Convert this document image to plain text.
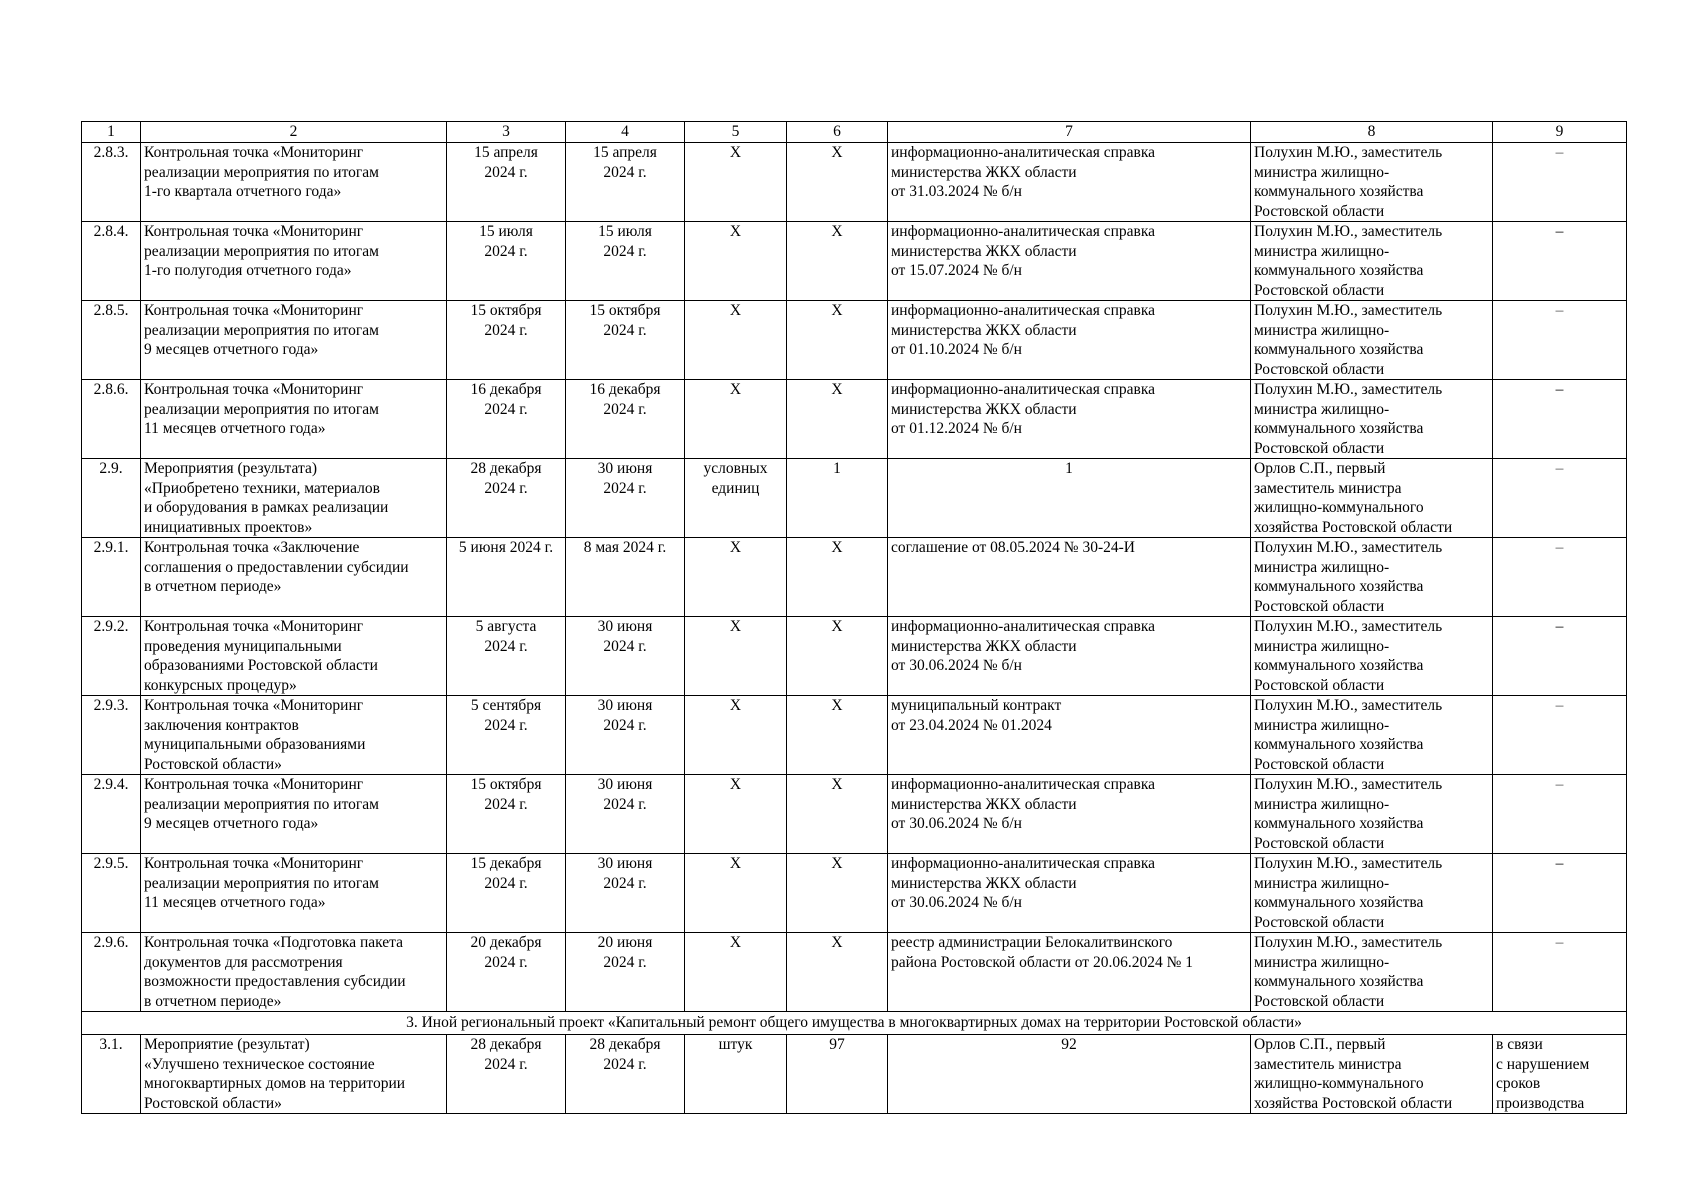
1	2	3	4	5	6	7	8	9
2.8.3.	Контрольная точка «Мониторинг
реализации мероприятия по итогам
1-го квартала отчетного года»	15 апреля
2024 г.	15 апреля
2024 г.	X	X	информационно-аналитическая справка
министерства ЖКХ области
от 31.03.2024 № б/н	Полухин М.Ю., заместитель
министра жилищно-
коммунального хозяйства
Ростовской области	–

2.8.4.	Контрольная точка «Мониторинг
реализации мероприятия по итогам
1-го полугодия отчетного года»	15 июля
2024 г.	15 июля
2024 г.	X	X	информационно-аналитическая справка
министерства ЖКХ области
от 15.07.2024 № б/н	Полухин М.Ю., заместитель
министра жилищно-
коммунального хозяйства
Ростовской области	–

2.8.5.	Контрольная точка «Мониторинг
реализации мероприятия по итогам
9 месяцев отчетного года»	15 октября
2024 г.	15 октября
2024 г.	X	X	информационно-аналитическая справка
министерства ЖКХ области
от 01.10.2024 № б/н	Полухин М.Ю., заместитель
министра жилищно-
коммунального хозяйства
Ростовской области	–

2.8.6.	Контрольная точка «Мониторинг
реализации мероприятия по итогам
11 месяцев отчетного года»	16 декабря
2024 г.	16 декабря
2024 г.	X	X	информационно-аналитическая справка
министерства ЖКХ области
от 01.12.2024 № б/н	Полухин М.Ю., заместитель
министра жилищно-
коммунального хозяйства
Ростовской области	–

2.9.	Мероприятия (результата)
«Приобретено техники, материалов
и оборудования в рамках реализации
инициативных проектов»	28 декабря
2024 г.	30 июня
2024 г.	условных
единиц	1	1	Орлов С.П., первый
заместитель министра
жилищно-коммунального
хозяйства Ростовской области	–

2.9.1.	Контрольная точка «Заключение
соглашения о предоставлении субсидии
в отчетном периоде»	5 июня 2024 г.	8 мая 2024 г.	X	X	соглашение от 08.05.2024 № 30-24-И	Полухин М.Ю., заместитель
министра жилищно-
коммунального хозяйства
Ростовской области	–

2.9.2.	Контрольная точка «Мониторинг
проведения муниципальными
образованиями Ростовской области
конкурсных процедур»	5 августа
2024 г.	30 июня
2024 г.	X	X	информационно-аналитическая справка
министерства ЖКХ области
от 30.06.2024 № б/н	Полухин М.Ю., заместитель
министра жилищно-
коммунального хозяйства
Ростовской области	–

2.9.3.	Контрольная точка «Мониторинг
заключения контрактов
муниципальными образованиями
Ростовской области»	5 сентября
2024 г.	30 июня
2024 г.	X	X	муниципальный контракт
от 23.04.2024 № 01.2024	Полухин М.Ю., заместитель
министра жилищно-
коммунального хозяйства
Ростовской области	–

2.9.4.	Контрольная точка «Мониторинг
реализации мероприятия по итогам
9 месяцев отчетного года»	15 октября
2024 г.	30 июня
2024 г.	X	X	информационно-аналитическая справка
министерства ЖКХ области
от 30.06.2024 № б/н	Полухин М.Ю., заместитель
министра жилищно-
коммунального хозяйства
Ростовской области	–

2.9.5.	Контрольная точка «Мониторинг
реализации мероприятия по итогам
11 месяцев отчетного года»	15 декабря
2024 г.	30 июня
2024 г.	X	X	информационно-аналитическая справка
министерства ЖКХ области
от 30.06.2024 № б/н	Полухин М.Ю., заместитель
министра жилищно-
коммунального хозяйства
Ростовской области	–

2.9.6.	Контрольная точка «Подготовка пакета
документов для рассмотрения
возможности предоставления субсидии
в отчетном периоде»	20 декабря
2024 г.	20 июня
2024 г.	X	X	реестр администрации Белокалитвинского
района Ростовской области от 20.06.2024 № 1	Полухин М.Ю., заместитель
министра жилищно-
коммунального хозяйства
Ростовской области	–

3. Иной региональный проект «Капитальный ремонт общего имущества в многоквартирных домах на территории Ростовской области»								
3.1.	Мероприятие (результат)
«Улучшено техническое состояние
многоквартирных домов на территории
Ростовской области»	28 декабря
2024 г.	28 декабря
2024 г.	штук	97	92	Орлов С.П., первый
заместитель министра
жилищно-коммунального
хозяйства Ростовской области	в связи
с нарушением
сроков
производства
